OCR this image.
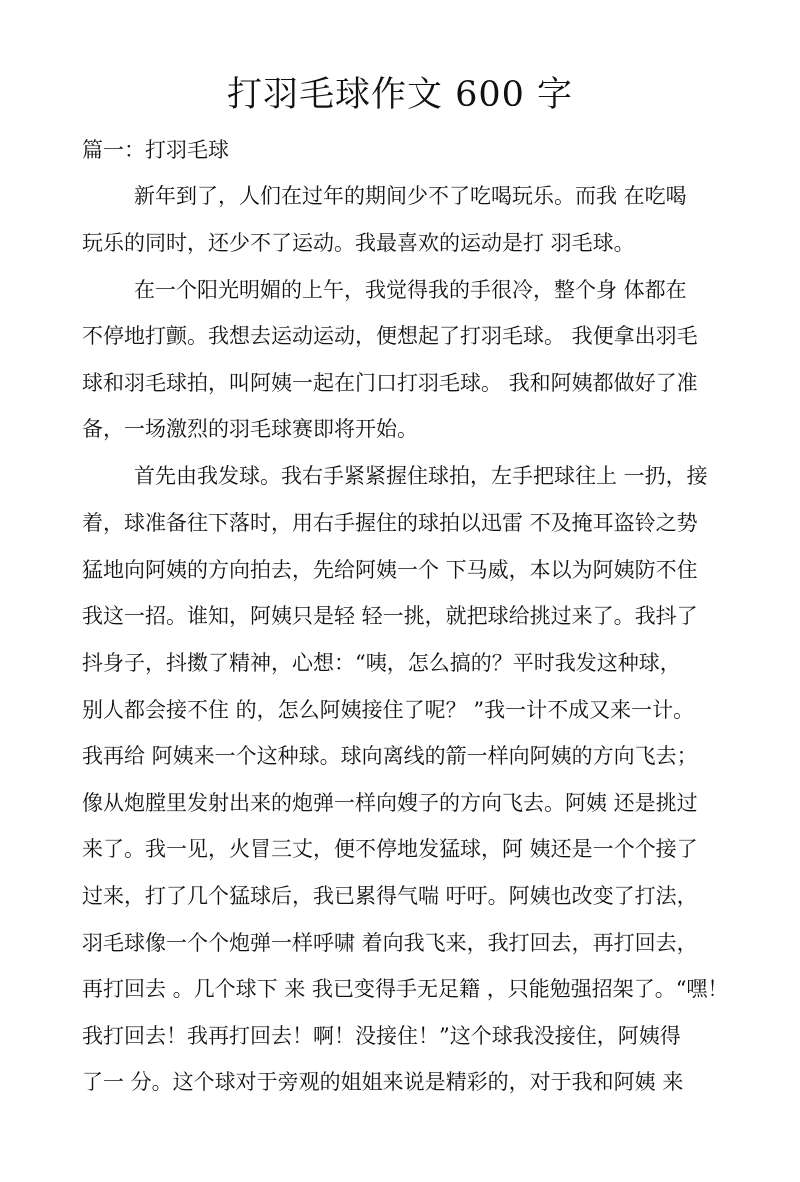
打羽毛球作文 600 字
篇一：打羽毛球

新年到了，人们在过年的期间少不了吃喝玩乐。而我 在吃喝

玩乐的同时，还少不了运动。我最喜欢的运动是打 羽毛球。

在一个阳光明媚的上午，我觉得我的手很冷，整个身 体都在

不停地打颤。我想去运动运动，便想起了打羽毛球。 我便拿出羽毛

球和羽毛球拍，叫阿姨一起在门口打羽毛球。 我和阿姨都做好了准

备，一场激烈的羽毛球赛即将开始。

首先由我发球。我右手紧紧握住球拍，左手把球往上 一扔，接

着，球准备往下落时，用右手握住的球拍以迅雷 不及掩耳盗铃之势

猛地向阿姨的方向拍去，先给阿姨一个 下马威，本以为阿姨防不住

我这一招。谁知，阿姨只是轻 轻一挑，就把球给挑过来了。我抖了

抖身子，抖擞了精神，心想：“咦，怎么搞的？平时我发这种球，

别人都会接不住 的，怎么阿姨接住了呢？ ”我一计不成又来一计。

我再给 阿姨来一个这种球。球向离线的箭一样向阿姨的方向飞去；

像从炮膛里发射出来的炮弹一样向嫂子的方向飞去。阿姨 还是挑过

来了。我一见，火冒三丈，便不停地发猛球，阿 姨还是一个个接了

过来，打了几个猛球后，我已累得气喘 吁吁。阿姨也改变了打法，

羽毛球像一个个炮弹一样呼啸 着向我飞来，我打回去，再打回去，

再打回去 。几个球下 来 我已变得手无足籍 ，只能勉强招架了。“嘿！

我打回去！我再打回去！啊！没接住！”这个球我没接住，阿姨得

了一 分。这个球对于旁观的姐姐来说是精彩的，对于我和阿姨 来
